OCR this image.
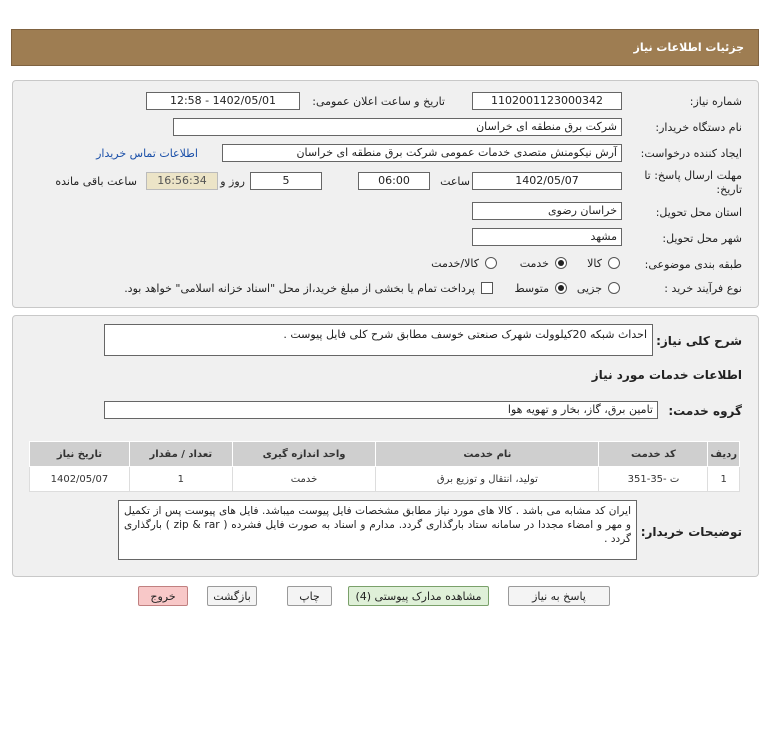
جزئیات اطلاعات نیاز
شماره نیاز:
1102001123000342
تاریخ و ساعت اعلان عمومی:
1402/05/01 - 12:58
نام دستگاه خریدار:
شرکت برق منطقه ای خراسان
ایجاد کننده درخواست:
آرش نیکومنش متصدی خدمات عمومی شرکت برق منطقه ای خراسان
اطلاعات تماس خریدار
مهلت ارسال پاسخ: تا
تاریخ:
1402/05/07
ساعت
06:00
5
روز و
16:56:34
ساعت باقی مانده
استان محل تحویل:
خراسان رضوی
شهر محل تحویل:
مشهد
طبقه بندی موضوعی:
کالا
خدمت
کالا/خدمت
نوع فرآیند خرید :
جزیی
متوسط
پرداخت تمام یا بخشی از مبلغ خرید،از محل "اسناد خزانه اسلامی" خواهد بود.
شرح کلی نیاز:
احداث شبکه 20کیلوولت شهرک صنعتی خوسف مطابق شرح کلی فایل پیوست .
اطلاعات خدمات مورد نیاز
گروه خدمت:
تامین برق، گاز، بخار و تهویه هوا
ردیف	کد خدمت	نام خدمت	واحد اندازه گیری	تعداد / مقدار	تاریخ نیاز
1	ت -35-351	تولید، انتقال و توزیع برق	خدمت	1	1402/05/07
توضیحات خریدار:
ایران کد مشابه می باشد . کالا های مورد نیاز مطابق مشخصات فایل پیوست میباشد. فایل های پیوست پس از تکمیل و مهر و امضاء مجددا در سامانه ستاد بارگذاری گردد. مدارم و اسناد به صورت فایل فشرده ( zip & rar ) بارگذاری گردد .
پاسخ به نیاز
مشاهده مدارک پیوستی (4)
چاپ
بازگشت
خروج
